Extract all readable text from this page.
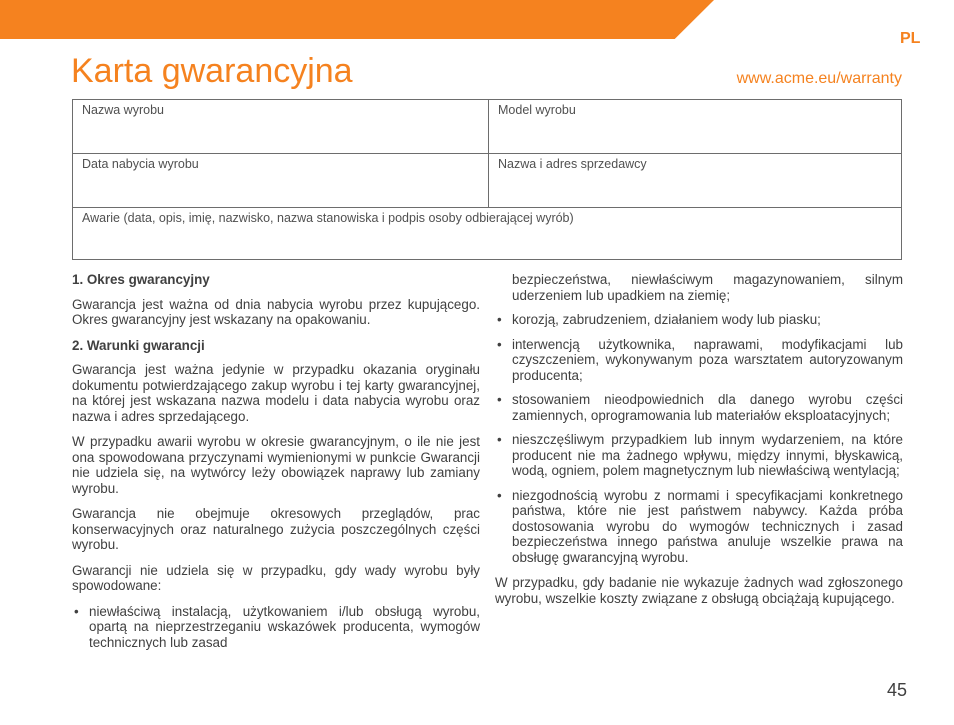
PL
Karta gwarancyjna	www.acme.eu/warranty
Nazwa wyrobu	Model wyrobu
Data nabycia wyrobu	Nazwa i adres sprzedawcy
Awarie (data, opis, imię, nazwisko, nazwa stanowiska i podpis osoby odbierającej wyrób)
1. Okres gwarancyjny

Gwarancja jest ważna od dnia nabycia wyrobu przez kupującego. Okres gwarancyjny jest wskazany na opakowaniu.

2. Warunki gwarancji

Gwarancja jest ważna jedynie w przypadku okazania oryginału dokumentu potwierdzającego zakup wyrobu i tej karty gwarancyjnej, na której jest wskazana nazwa modelu i data nabycia wyrobu oraz nazwa i adres sprzedającego.

W przypadku awarii wyrobu w okresie gwarancyjnym, o ile nie jest ona spowodowana przyczynami wymienionymi w punkcie Gwarancji nie udziela się, na wytwórcy leży obowiązek naprawy lub zamiany wyrobu.

Gwarancja nie obejmuje okresowych przeglądów, prac konserwacyjnych oraz naturalnego zużycia poszczególnych części wyrobu.

Gwarancji nie udziela się w przypadku, gdy wady wyrobu były spowodowane:

• niewłaściwą instalacją, użytkowaniem i/lub obsługą wyrobu, opartą na nieprzestrzeganiu wskazówek producenta, wymogów technicznych lub zasad

bezpieczeństwa, niewłaściwym magazynowaniem, silnym uderzeniem lub upadkiem na ziemię;

• korozją, zabrudzeniem, działaniem wody lub piasku;
• interwencją użytkownika, naprawami, modyfikacjami lub czyszczeniem, wykonywanym poza warsztatem autoryzowanym producenta;
• stosowaniem nieodpowiednich dla danego wyrobu części zamiennych, oprogramowania lub materiałów eksploatacyjnych;
• nieszczęśliwym przypadkiem lub innym wydarzeniem, na które producent nie ma żadnego wpływu, między innymi, błyskawicą, wodą, ogniem, polem magnetycznym lub niewłaściwą wentylacją;
• niezgodnością wyrobu z normami i specyfikacjami konkretnego państwa, które nie jest państwem nabywcy. Każda próba dostosowania wyrobu do wymogów technicznych i zasad bezpieczeństwa innego państwa anuluje wszelkie prawa na obsługę gwarancyjną wyrobu.

W przypadku, gdy badanie nie wykazuje żadnych wad zgłoszonego wyrobu, wszelkie koszty związane z obsługą obciążają kupującego.

45
